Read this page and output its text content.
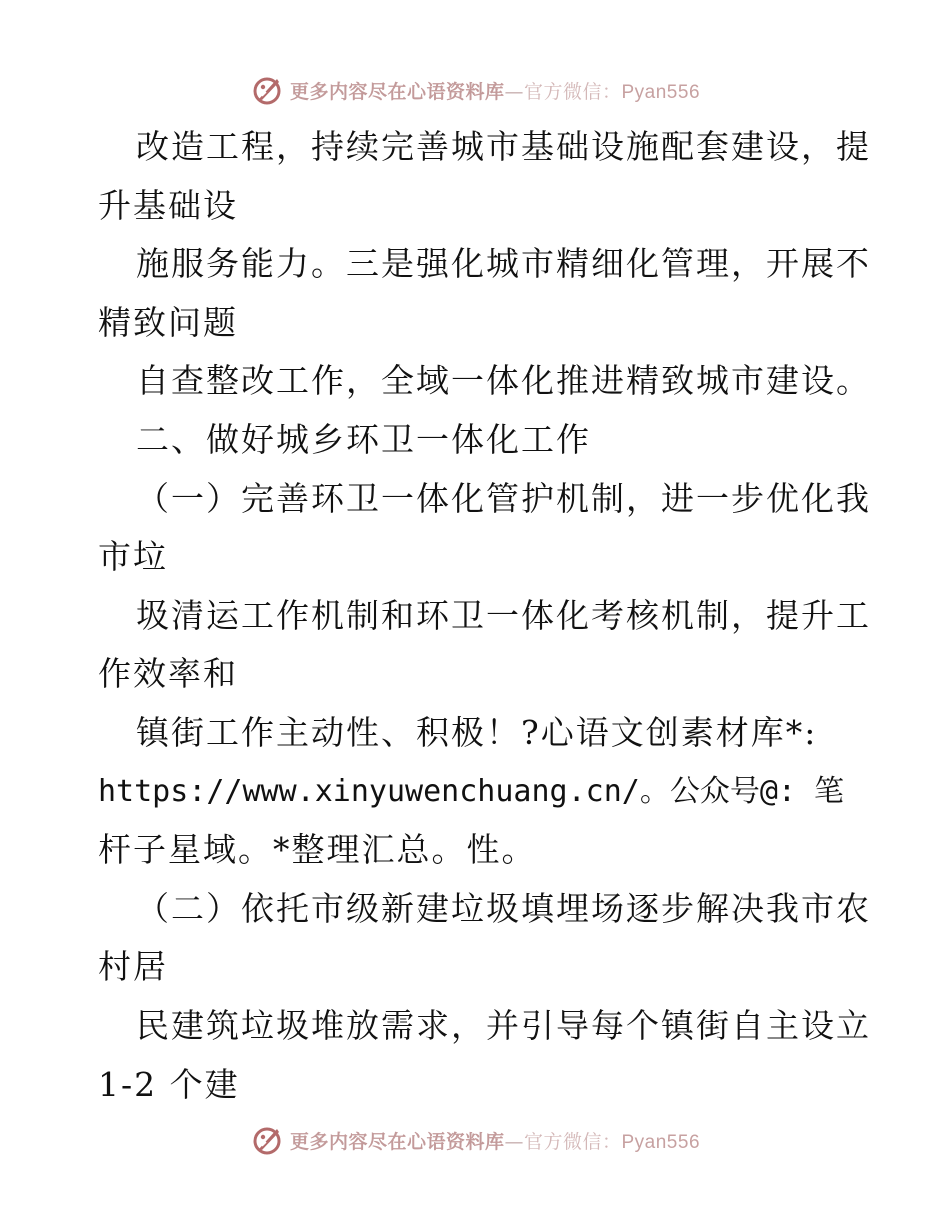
更多内容尽在心语资料库—官方微信：Pyan556
改造工程，持续完善城市基础设施配套建设，提
升基础设
施服务能力。三是强化城市精细化管理，开展不
精致问题
自查整改工作，全域一体化推进精致城市建设。
二、做好城乡环卫一体化工作
（一）完善环卫一体化管护机制，进一步优化我
市垃
圾清运工作机制和环卫一体化考核机制，提升工
作效率和
镇街工作主动性、积极！?心语文创素材库*:
https://www.xinyuwenchuang.cn/。公众号@: 笔
杆子星域。*整理汇总。性。
（二）依托市级新建垃圾填埋场逐步解决我市农
村居
民建筑垃圾堆放需求，并引导每个镇街自主设立
1-2 个建
更多内容尽在心语资料库—官方微信：Pyan556
